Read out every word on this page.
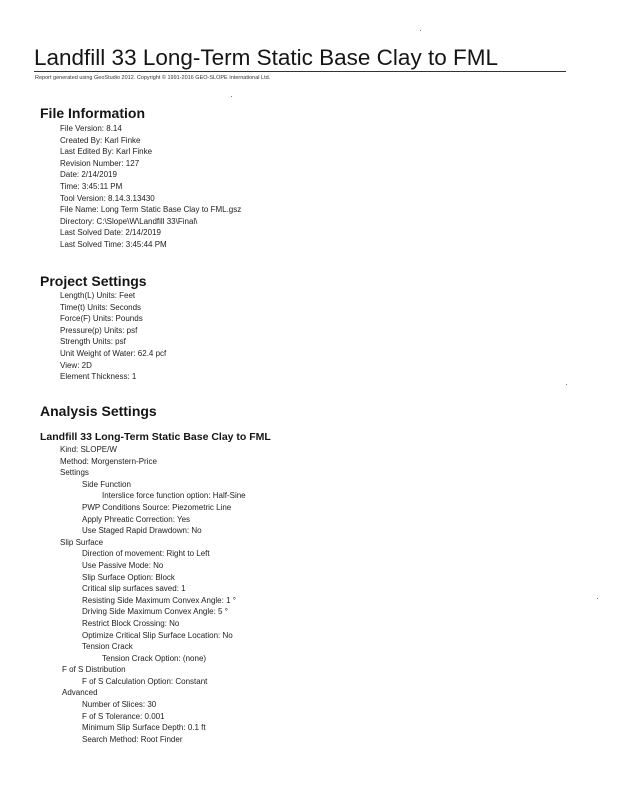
Landfill 33 Long-Term Static Base Clay to FML
Report generated using GeoStudio 2012. Copyright © 1991-2016 GEO-SLOPE International Ltd.
File Information
File Version: 8.14
Created By: Karl Finke
Last Edited By: Karl Finke
Revision Number: 127
Date: 2/14/2019
Time: 3:45:11 PM
Tool Version: 8.14.3.13430
File Name: Long Term Static Base Clay to FML.gsz
Directory: C:\Slope\W\Landfill 33\Final\
Last Solved Date: 2/14/2019
Last Solved Time: 3:45:44 PM
Project Settings
Length(L) Units: Feet
Time(t) Units: Seconds
Force(F) Units: Pounds
Pressure(p) Units: psf
Strength Units: psf
Unit Weight of Water: 62.4 pcf
View: 2D
Element Thickness: 1
Analysis Settings
Landfill 33 Long-Term Static Base Clay to FML
Kind: SLOPE/W
Method: Morgenstern-Price
Settings
Side Function
Interslice force function option: Half-Sine
PWP Conditions Source: Piezometric Line
Apply Phreatic Correction: Yes
Use Staged Rapid Drawdown: No
Slip Surface
Direction of movement: Right to Left
Use Passive Mode: No
Slip Surface Option: Block
Critical slip surfaces saved: 1
Resisting Side Maximum Convex Angle: 1 °
Driving Side Maximum Convex Angle: 5 °
Restrict Block Crossing: No
Optimize Critical Slip Surface Location: No
Tension Crack
Tension Crack Option: (none)
F of S Distribution
F of S Calculation Option: Constant
Advanced
Number of Slices: 30
F of S Tolerance: 0.001
Minimum Slip Surface Depth: 0.1 ft
Search Method: Root Finder
